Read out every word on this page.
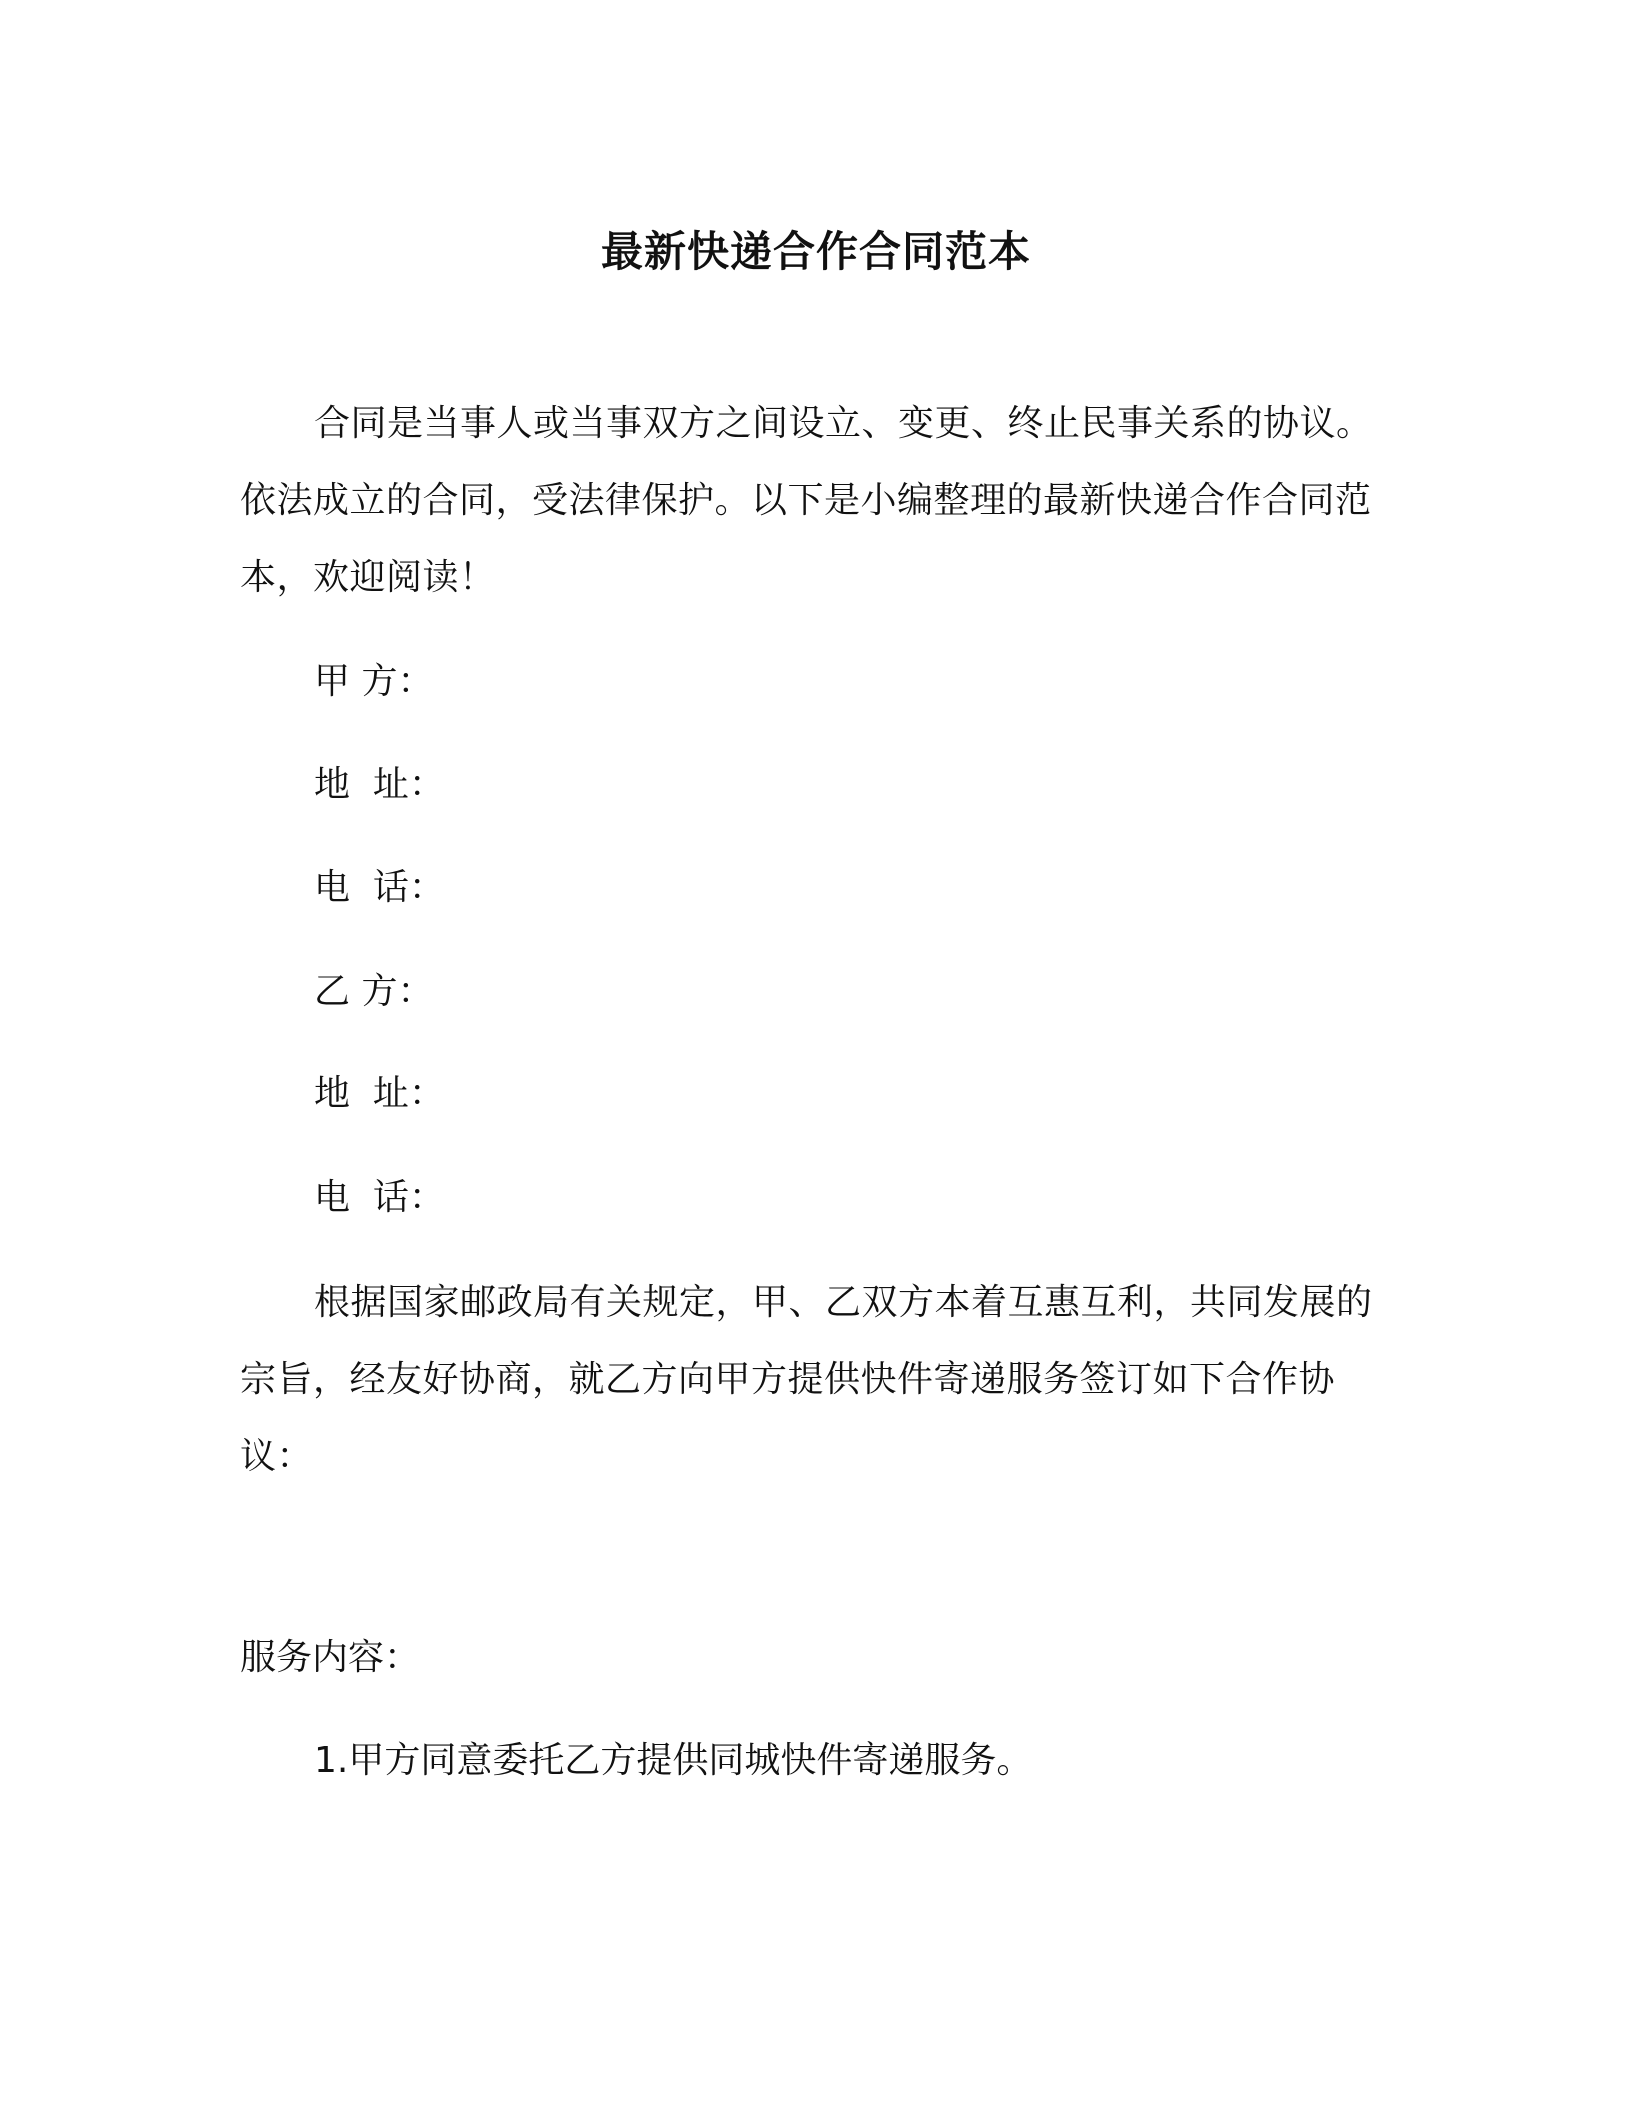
最新快递合作合同范本

合同是当事人或当事双方之间设立、变更、终止民事关系的协议。依法成立的合同，受法律保护。以下是小编整理的最新快递合作合同范本，欢迎阅读！

甲 方：

地  址：

电  话：

乙 方：

地  址：

电  话：

根据国家邮政局有关规定，甲、乙双方本着互惠互利，共同发展的宗旨，经友好协商，就乙方向甲方提供快件寄递服务签订如下合作协议：

服务内容：

1.甲方同意委托乙方提供同城快件寄递服务。
